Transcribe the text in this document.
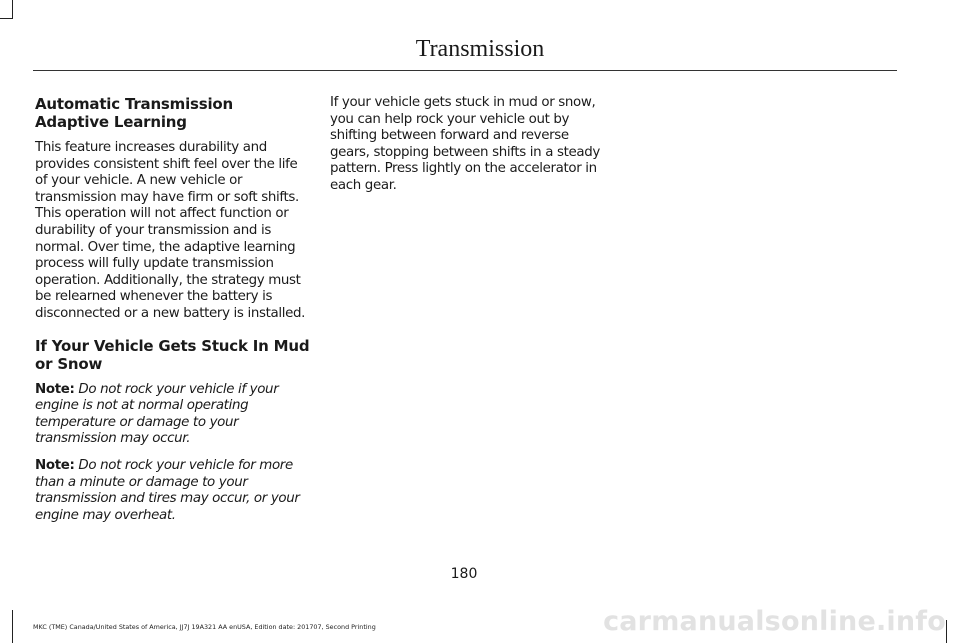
Transmission
Automatic Transmission Adaptive Learning

This feature increases durability and provides consistent shift feel over the life of your vehicle. A new vehicle or transmission may have firm or soft shifts. This operation will not affect function or durability of your transmission and is normal. Over time, the adaptive learning process will fully update transmission operation. Additionally, the strategy must be relearned whenever the battery is disconnected or a new battery is installed.

If Your Vehicle Gets Stuck In Mud or Snow

Note: Do not rock your vehicle if your engine is not at normal operating temperature or damage to your transmission may occur.

Note: Do not rock your vehicle for more than a minute or damage to your transmission and tires may occur, or your engine may overheat.

If your vehicle gets stuck in mud or snow, you can help rock your vehicle out by shifting between forward and reverse gears, stopping between shifts in a steady pattern. Press lightly on the accelerator in each gear.

180
MKC (TME) Canada/United States of America, JJ7J 19A321 AA enUSA, Edition date: 201707, Second Printing	carmanualsonline.info
